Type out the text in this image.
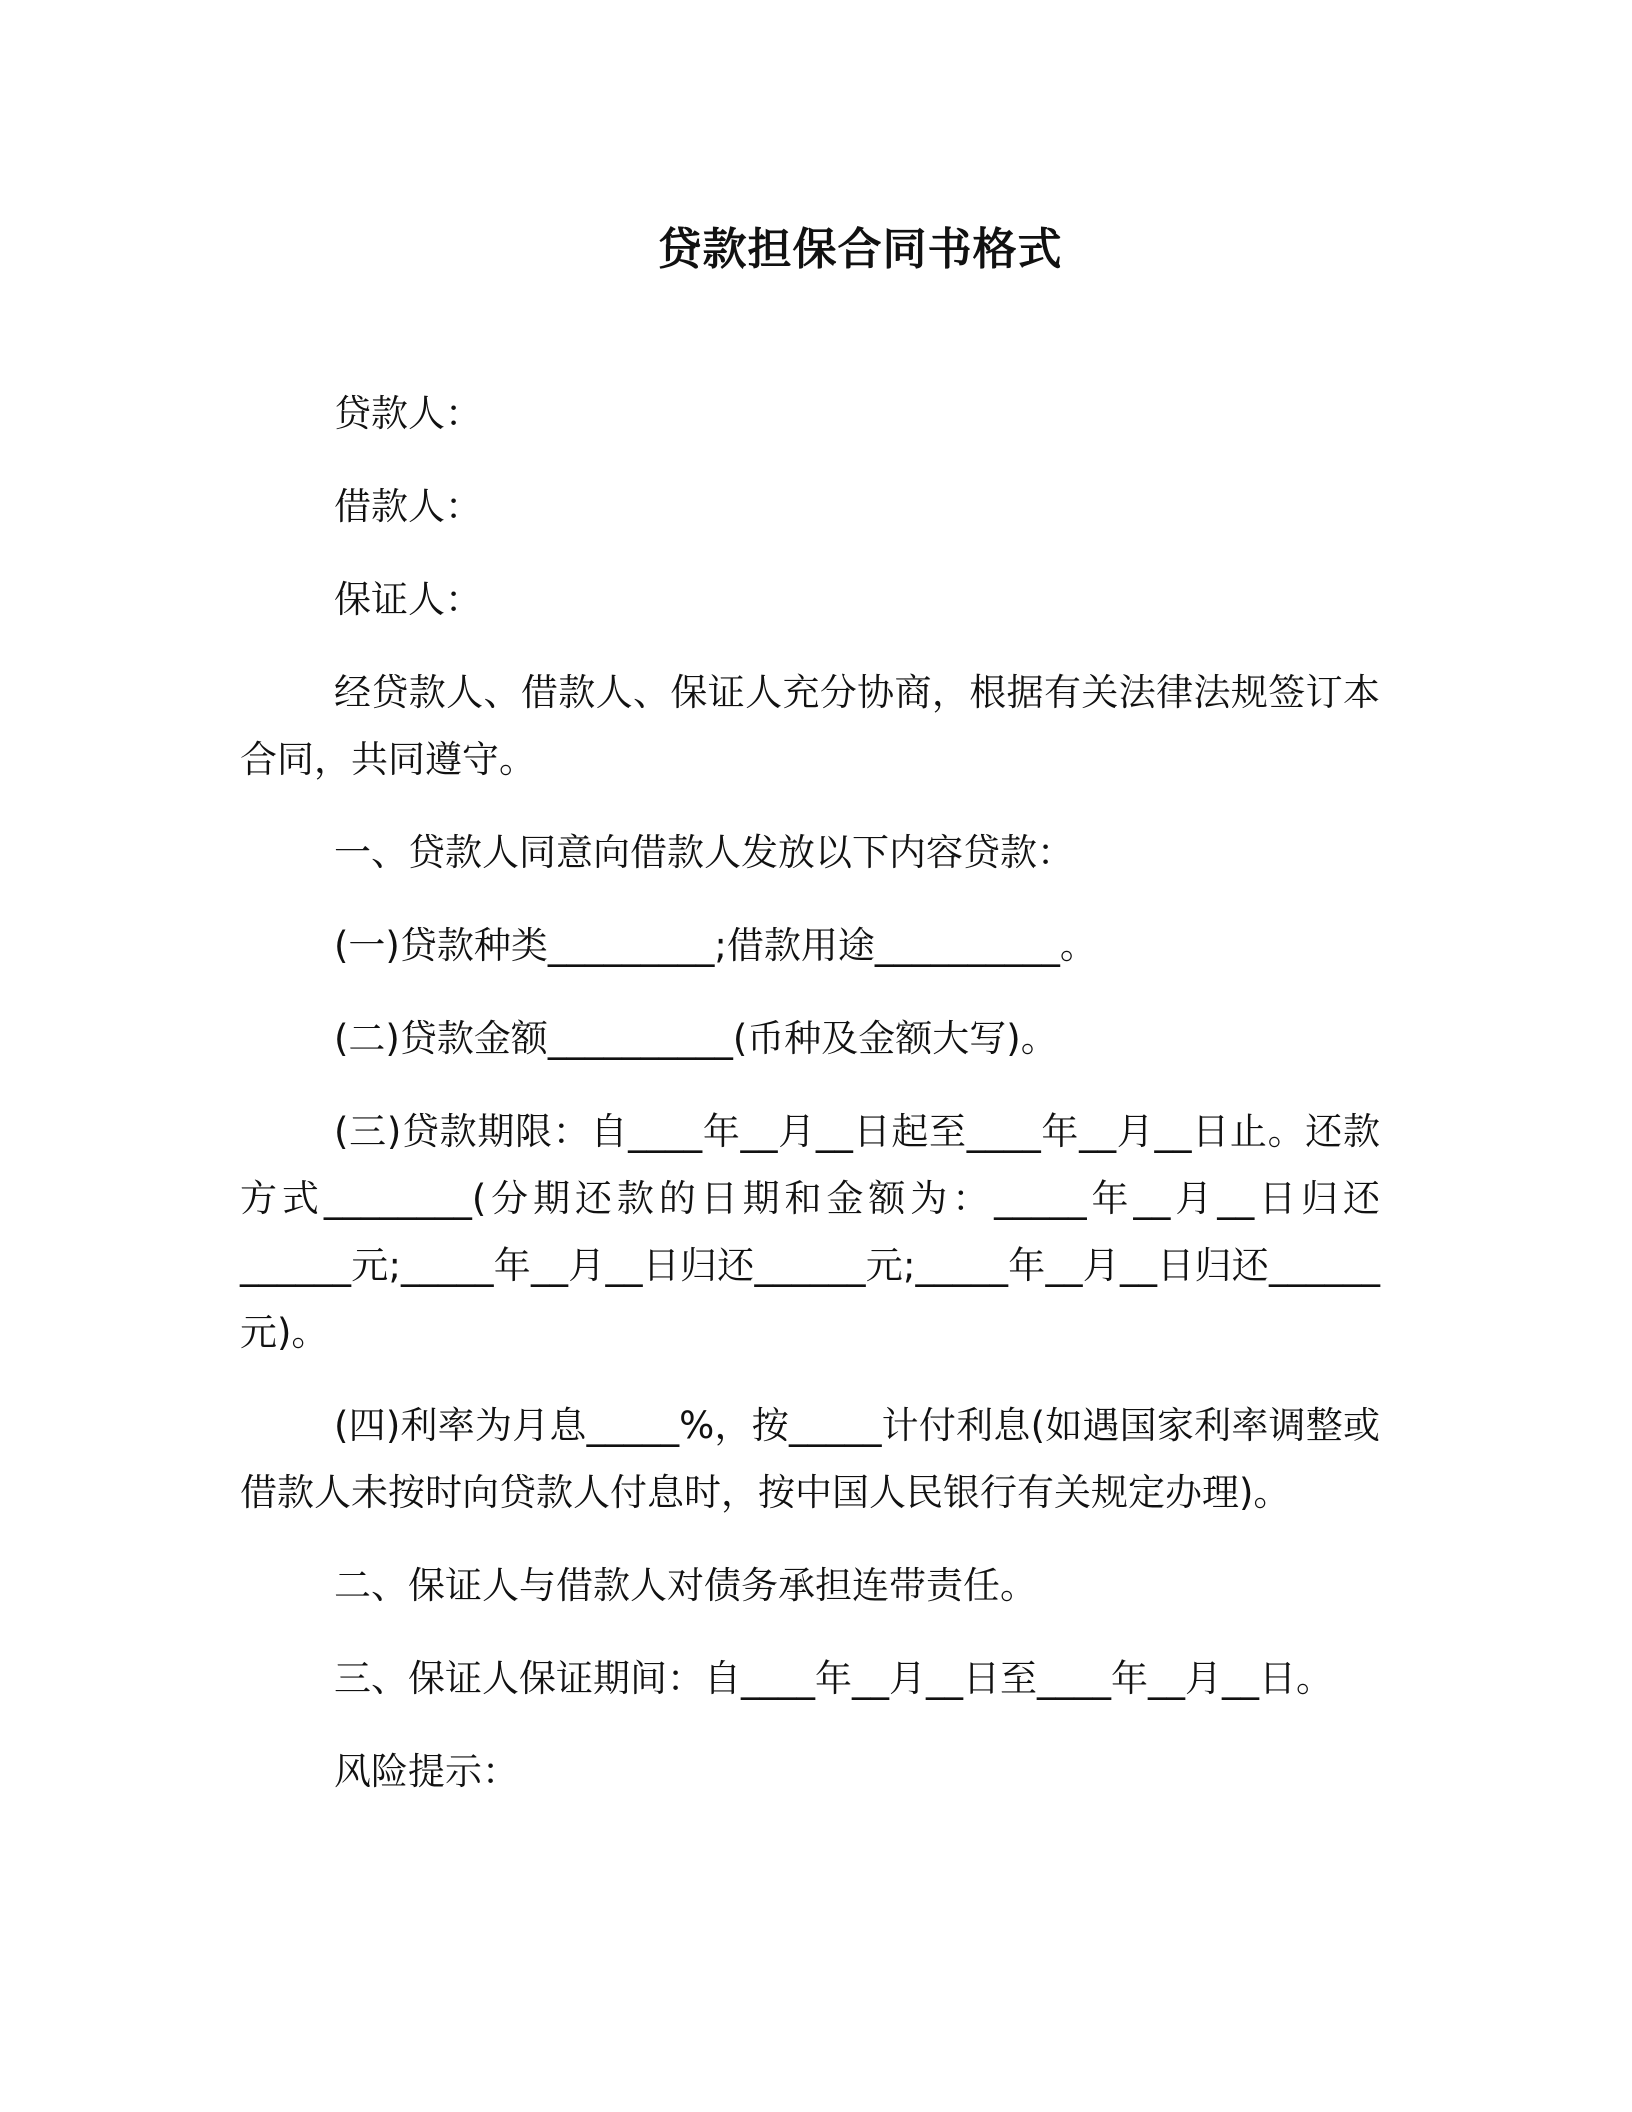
贷款担保合同书格式

贷款人：

借款人：

保证人：

经贷款人、借款人、保证人充分协商，根据有关法律法规签订本合同，共同遵守。

一、贷款人同意向借款人发放以下内容贷款：

(一)贷款种类_________;借款用途__________。

(二)贷款金额__________(币种及金额大写)。

(三)贷款期限：自____年__月__日起至____年__月__日止。还款方式________(分期还款的日期和金额为：_____年__月__日归还______元;_____年__月__日归还______元;_____年__月__日归还______元)。

(四)利率为月息_____%，按_____计付利息(如遇国家利率调整或借款人未按时向贷款人付息时，按中国人民银行有关规定办理)。

二、保证人与借款人对债务承担连带责任。

三、保证人保证期间：自____年__月__日至____年__月__日。

风险提示：
